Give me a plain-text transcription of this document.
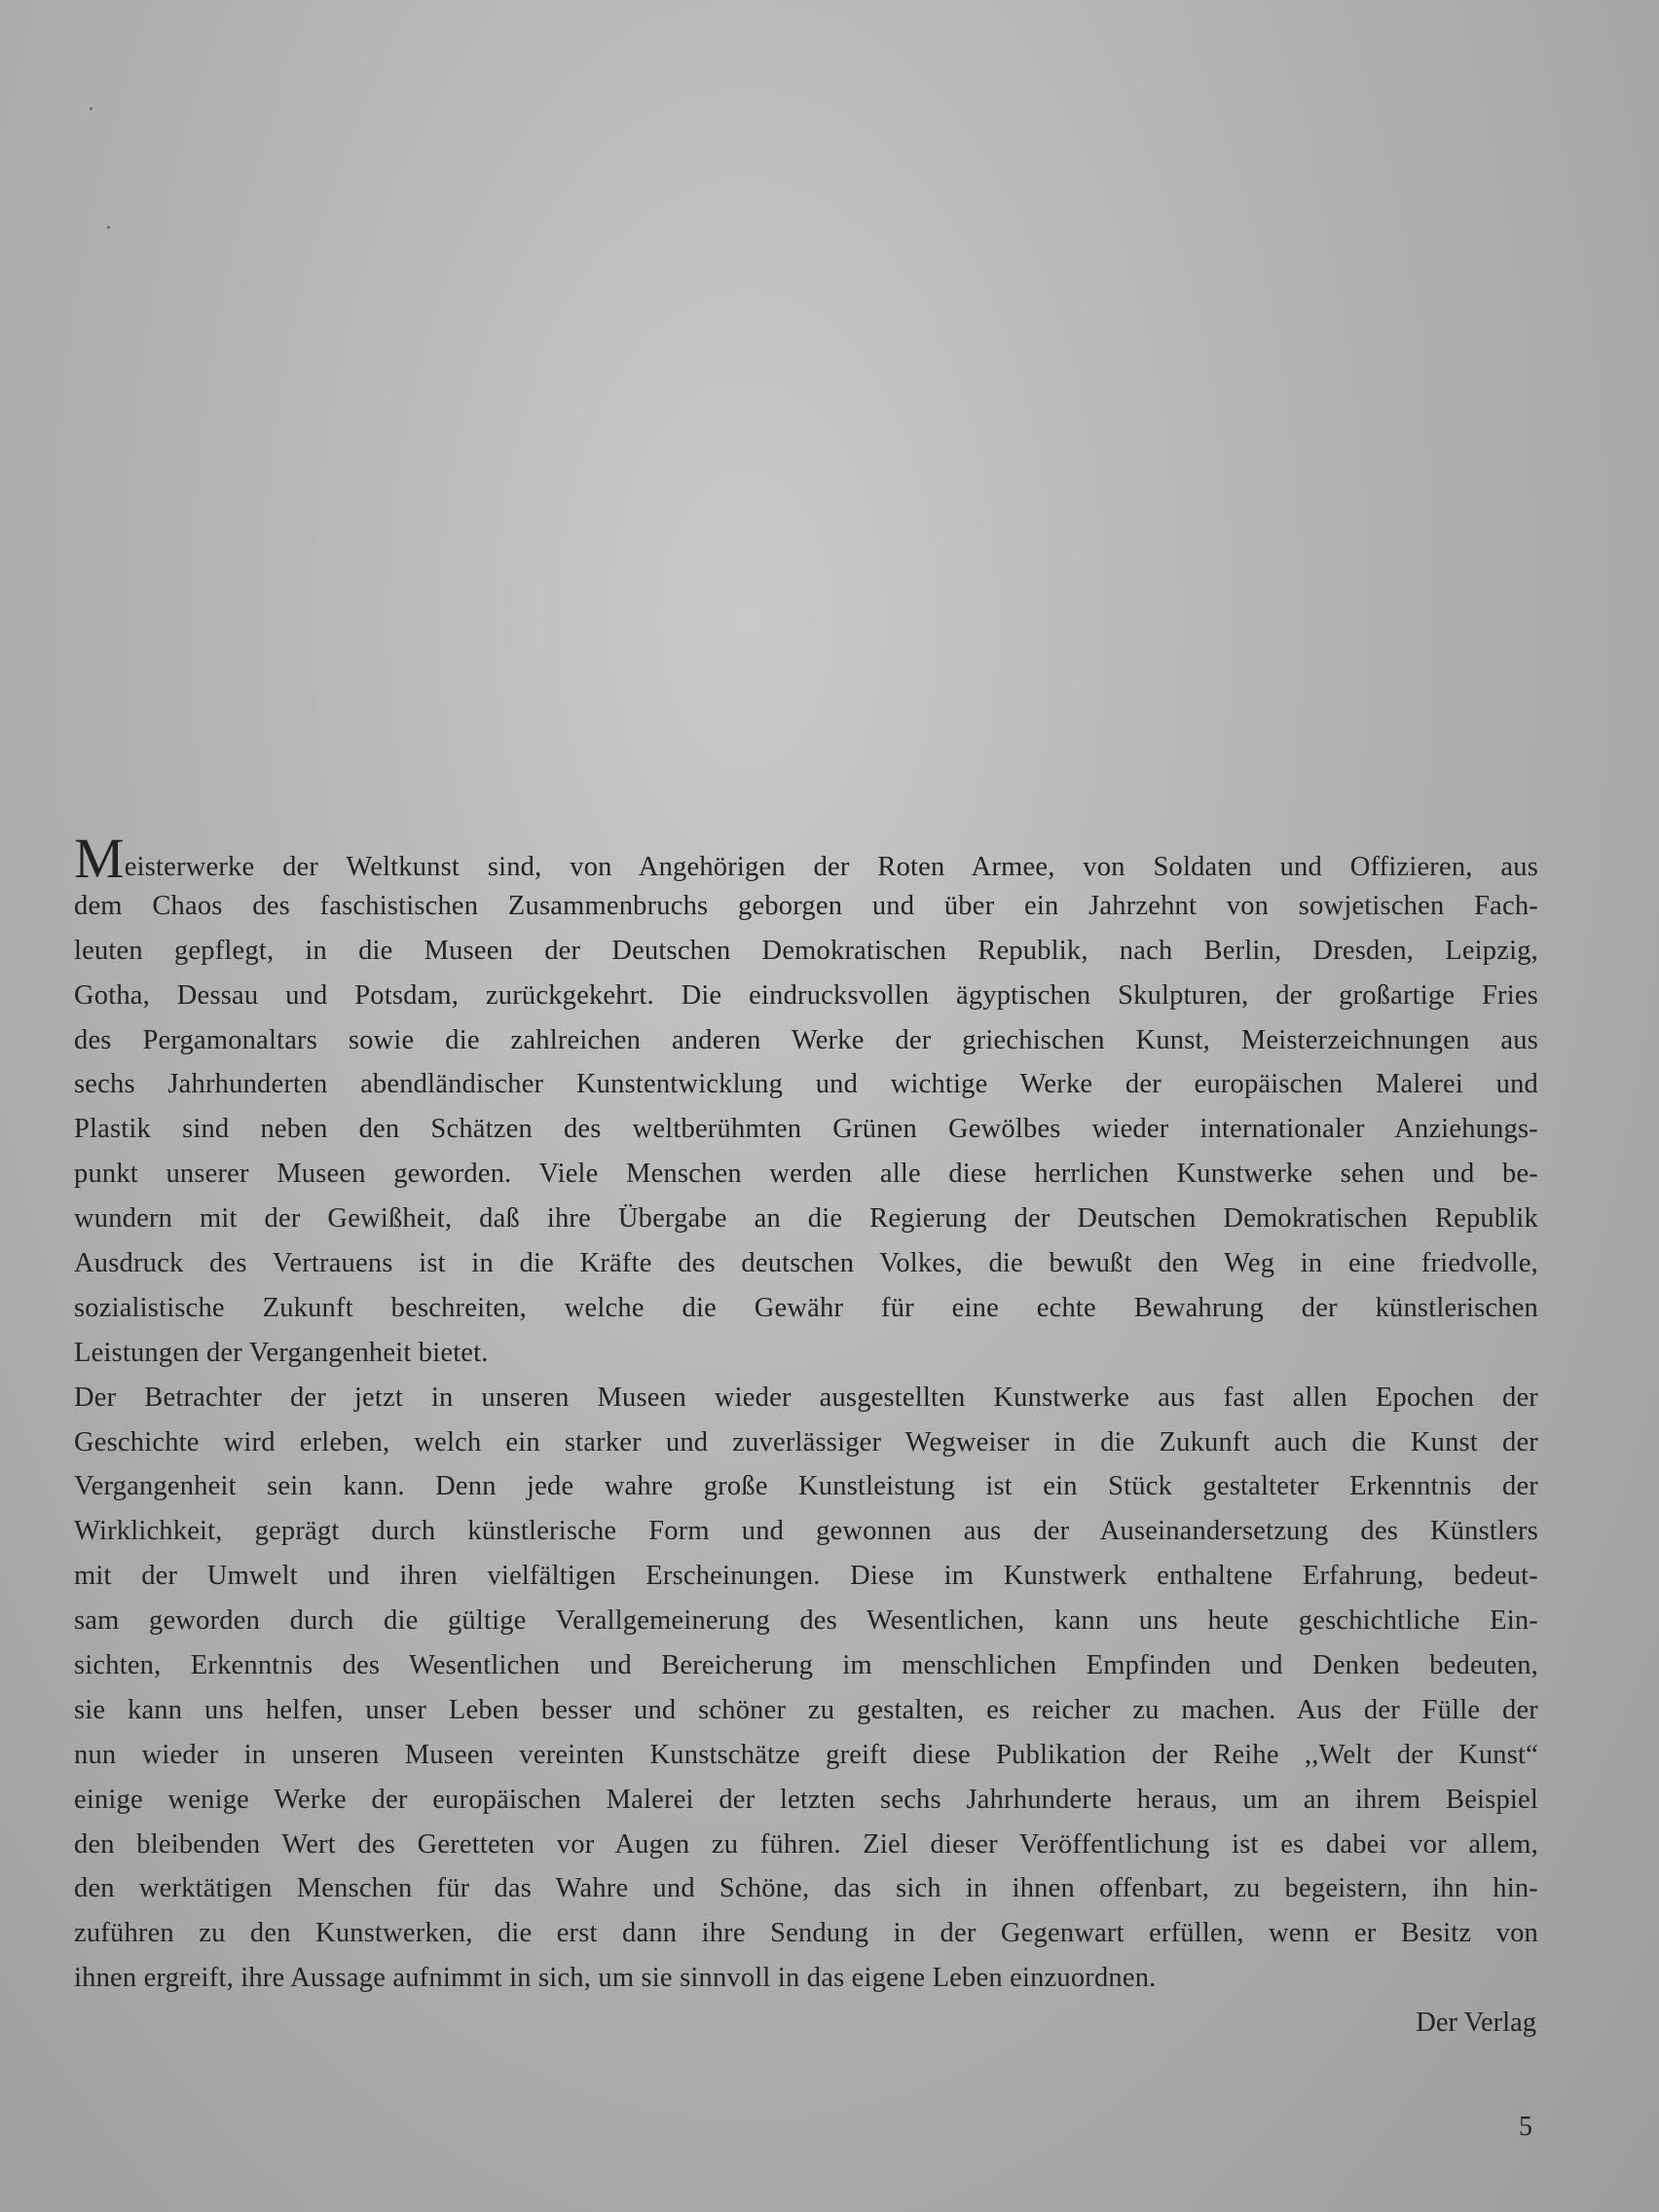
Meisterwerke der Weltkunst sind, von Angehörigen der Roten Armee, von Soldaten und Offizieren, aus
dem Chaos des faschistischen Zusammenbruchs geborgen und über ein Jahrzehnt von sowjetischen Fach-
leuten gepflegt, in die Museen der Deutschen Demokratischen Republik, nach Berlin, Dresden, Leipzig,
Gotha, Dessau und Potsdam, zurückgekehrt. Die eindrucksvollen ägyptischen Skulpturen, der großartige Fries
des Pergamonaltars sowie die zahlreichen anderen Werke der griechischen Kunst, Meisterzeichnungen aus
sechs Jahrhunderten abendländischer Kunstentwicklung und wichtige Werke der europäischen Malerei und
Plastik sind neben den Schätzen des weltberühmten Grünen Gewölbes wieder internationaler Anziehungs-
punkt unserer Museen geworden. Viele Menschen werden alle diese herrlichen Kunstwerke sehen und be-
wundern mit der Gewißheit, daß ihre Übergabe an die Regierung der Deutschen Demokratischen Republik
Ausdruck des Vertrauens ist in die Kräfte des deutschen Volkes, die bewußt den Weg in eine friedvolle,
sozialistische Zukunft beschreiten, welche die Gewähr für eine echte Bewahrung der künstlerischen
Leistungen der Vergangenheit bietet.
Der Betrachter der jetzt in unseren Museen wieder ausgestellten Kunstwerke aus fast allen Epochen der
Geschichte wird erleben, welch ein starker und zuverlässiger Wegweiser in die Zukunft auch die Kunst der
Vergangenheit sein kann. Denn jede wahre große Kunstleistung ist ein Stück gestalteter Erkenntnis der
Wirklichkeit, geprägt durch künstlerische Form und gewonnen aus der Auseinandersetzung des Künstlers
mit der Umwelt und ihren vielfältigen Erscheinungen. Diese im Kunstwerk enthaltene Erfahrung, bedeut-
sam geworden durch die gültige Verallgemeinerung des Wesentlichen, kann uns heute geschichtliche Ein-
sichten, Erkenntnis des Wesentlichen und Bereicherung im menschlichen Empfinden und Denken bedeuten,
sie kann uns helfen, unser Leben besser und schöner zu gestalten, es reicher zu machen. Aus der Fülle der
nun wieder in unseren Museen vereinten Kunstschätze greift diese Publikation der Reihe ,,Welt der Kunst“
einige wenige Werke der europäischen Malerei der letzten sechs Jahrhunderte heraus, um an ihrem Beispiel
den bleibenden Wert des Geretteten vor Augen zu führen. Ziel dieser Veröffentlichung ist es dabei vor allem,
den werktätigen Menschen für das Wahre und Schöne, das sich in ihnen offenbart, zu begeistern, ihn hin-
zuführen zu den Kunstwerken, die erst dann ihre Sendung in der Gegenwart erfüllen, wenn er Besitz von
ihnen ergreift, ihre Aussage aufnimmt in sich, um sie sinnvoll in das eigene Leben einzuordnen.
Der Verlag
5
